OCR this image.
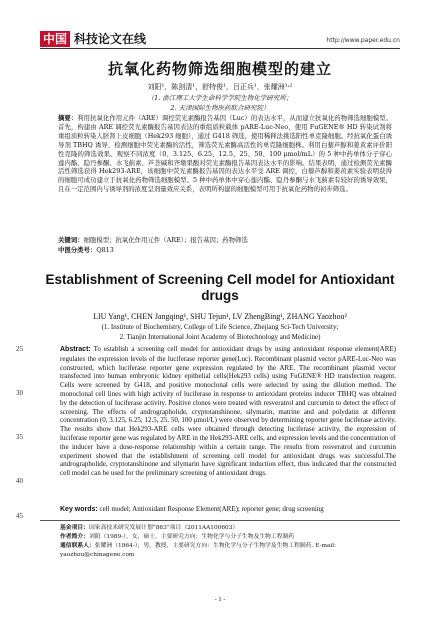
中国 科技论文在线	http://www.paper.edu.cn
抗氧化药物筛选细胞模型的建立
刘阳¹，陈剑清¹，舒特俊¹，吕正兵¹，张耀洲¹˒²
（1. 浙江理工大学生命科学学院生物化学研究所；
2. 天津国际生物医药联合研究院）
摘要：利用抗氧化作用元件（ARE）调控荧光素酶报告基因（Luc）的表达水平，从而建立抗氧化药物筛选细胞模型。首先，构建由 ARE 调控荧光素酶报告基因表达的重组质粒载体 pARE-Luc-Neo，使用 FuGENE® HD 转染试剂将重组质粒转染人胚肾上皮细胞（Hek293 细胞），通过 G418 筛选，使用稀释法挑选阳性单克隆细胞。经抗氧化蛋白诱导剂 TBHQ 诱导，检测细胞中荧光素酶的活性，筛选荧光素酶高活性的单克隆细胞株。利用白藜芦醇和姜黄素评价阳性克隆的筛选效果。观察不同浓度（0、3.125、6.25、12.5、25、50、100 μmol/mL）的 5 种中药单体分子穿心莲内酯、隐丹参酮、水飞蓟素、芦荟碱和齐墩果酸对荧光素酶报告基因表达水平的影响。结果表明，通过检测荧光素酶活性筛选获得 Hek293-ARE，该细胞中荧光素酶报告基因的表达水平受 ARE 调控，白藜芦醇和姜黄素实验表明获得的细胞可成功建立于抗氧化药物筛选细胞模型。5 种中药单体中穿心莲内酯、隐丹参酮与水飞蓟素有较好的诱导效果，且在一定范围内与诱导剂的浓度呈剂量效应关系，表明所构建的细胞模型可用于抗氧化药物的初步筛选。
关键词：细胞模型；抗氧化作用元件（ARE）；报告基因；药物筛选
中图分类号：Q813
Establishment of Screening Cell model for Antioxidant drugs
LIU Yang¹, CHEN Jangqing¹, SHU Tejun¹, LV ZhengBing¹, ZHANG Yaozhou²
(1. Institute of Biochemistry, College of Life Science, Zhejiang Sci-Tech University;
2. Tianjin International Joint Academy of Biotechnology and Medicine)
25
30
35
40
45
Abstract: To establish a screening cell model for antioxidant drugs by using antioxidant response element(ARE) regulates the expression levels of the luciferase reporter gene(Luc). Recombinant plasmid vector pARE-Luc-Neo was constructed, which luciferase reporter gene expression regulated by the ARE. The recombinant plasmid vector transfected into human embryonic kidney epithelial cells(Hek293 cells) using FuGENE® HD transfection reagent. Cells were screened by G418, and positive monoclonal cells were selected by using the dilution method. The monoclonal cell lines with high activity of luciferase in response to antioxidant proteins inducer TBHQ was obtained by the detection of luciferase activity. Positive clones were treated with resveratrol and curcumin to detect the effect of screening. The effects of andrographolide, cryptotanshinone, silymarin, matrine and and polydatin at different concentration (0, 3.125, 6.25, 12.5, 25, 50, 100 μmol/L) were observed by determining reporter gene luciferase activity. The results show that Hek293-ARE cells were obtained through detecting luciferase activity, the expression of luciferase reporter gene was regulated by ARE in the Hek293-ARE cells, and expression levels and the concentration of the inducer have a dose-response relationship within a certain range. The results from resveratrol and curcumin experiment showed that the establishment of screening cell model for antioxidant drugs was successful.The andrographolide, cryptotanshinone and silymarin have significant induction effect, thus indicated that the constructed cell model can be used for the preliminary screening of antioxidant drugs.
Key words: cell model; Antioxidant Response Element(ARE); reporter gene; drug screening
基金项目：国家高技术研究发展计划“863”项目（2011AA100603）
作者简介：刘阳（1989-），女，硕士，主要研究方向：生物化学与分子生物及生物工程制药
通信联系人：张耀洲（1964-），男，教授，主要研究方向：生物化学与分子生物学及生物工程制药. E-mail: yaozhou@chinagene.com
- 1 -
